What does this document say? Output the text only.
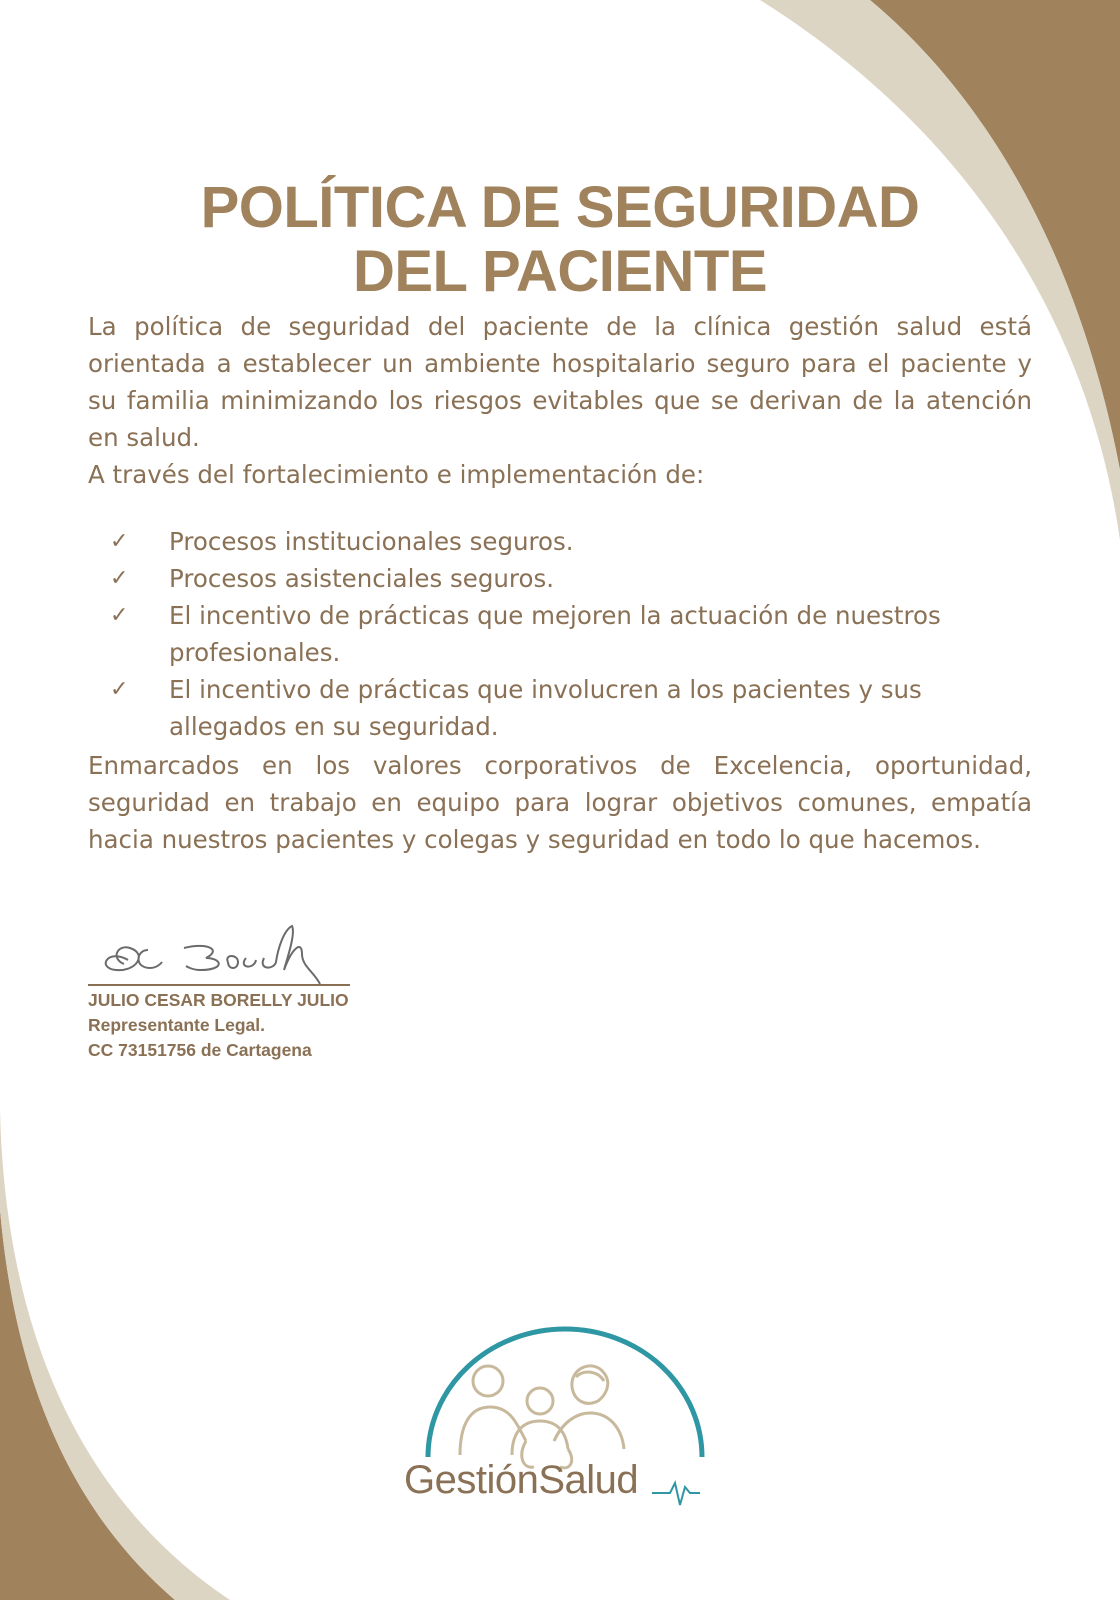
POLÍTICA DE SEGURIDAD
DEL PACIENTE

La política de seguridad del paciente de la clínica gestión salud está orientada a establecer un ambiente hospitalario seguro para el paciente y su familia minimizando los riesgos evitables que se derivan de la atención en salud.

A través del fortalecimiento e implementación de:

✓ Procesos institucionales seguros.
✓ Procesos asistenciales seguros.
✓ El incentivo de prácticas que mejoren la actuación de nuestros profesionales.
✓ El incentivo de prácticas que involucren a los pacientes y sus allegados en su seguridad.

Enmarcados en los valores corporativos de Excelencia, oportunidad, seguridad en trabajo en equipo para lograr objetivos comunes, empatía hacia nuestros pacientes y colegas y seguridad en todo lo que hacemos.

JULIO CESAR BORELLY JULIO

Representante Legal.

CC 73151756 de Cartagena

GestiónSalud
